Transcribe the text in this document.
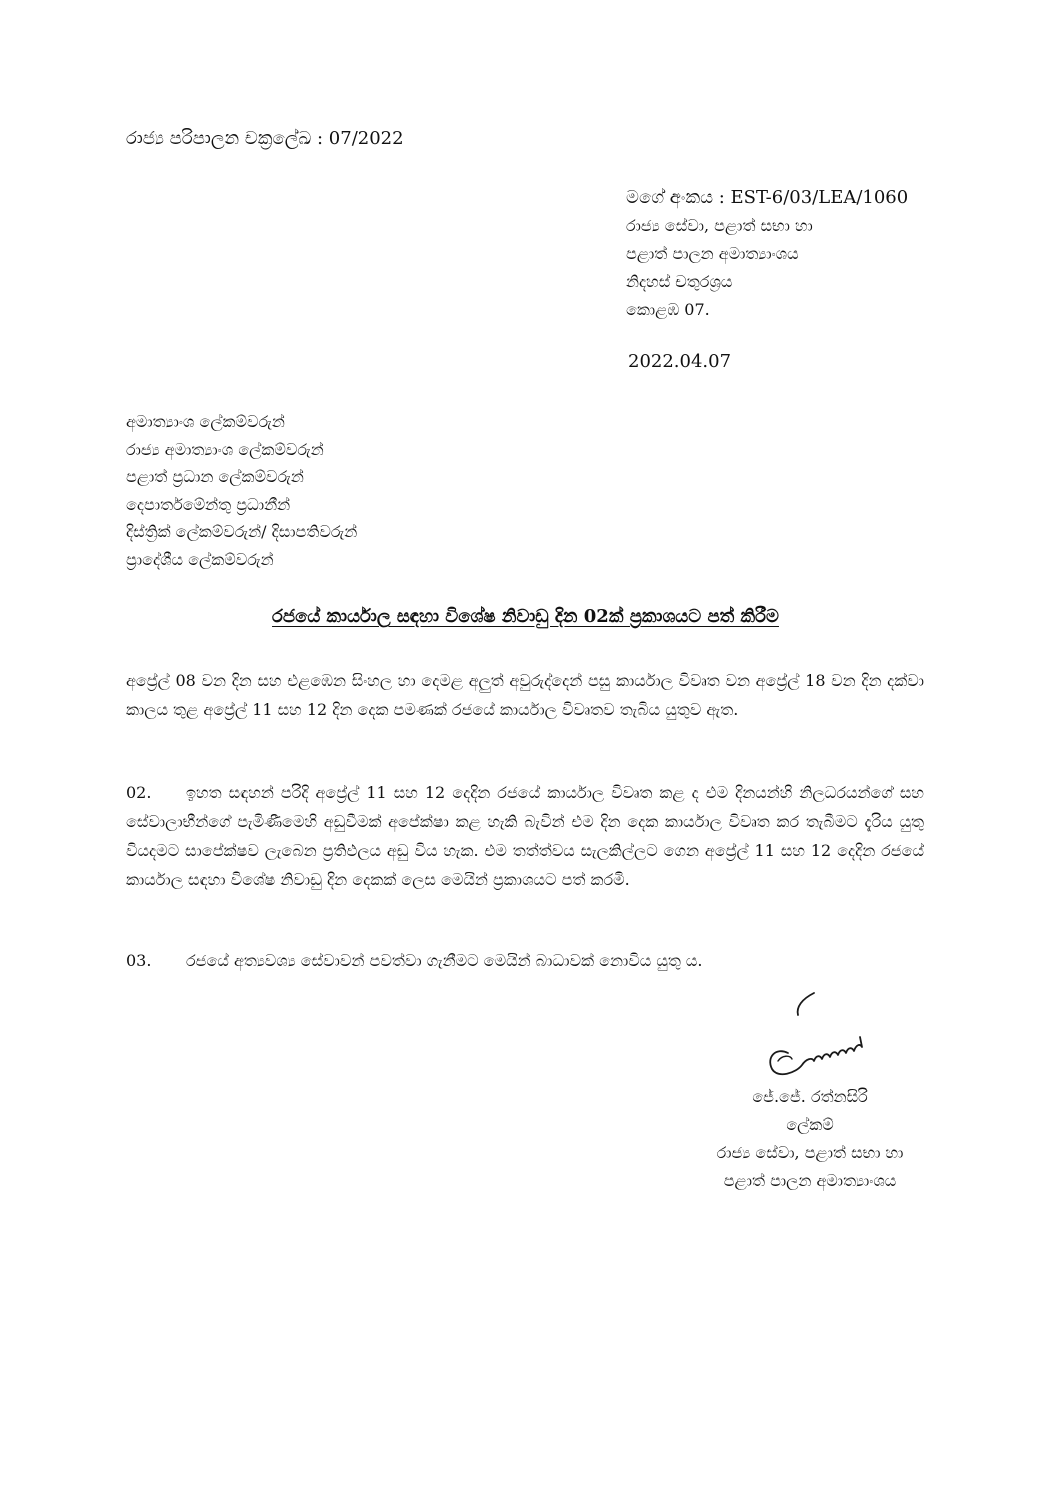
රාජ්‍ය පරිපාලන චක්‍රලේඛ : 07/2022
මගේ අංකය : EST-6/03/LEA/1060
රාජ්‍ය සේවා, පළාත් සභා හා
පළාත් පාලන අමාත්‍යාංශය
නිදහස් චතුරශ්‍රය
කොළඹ 07.
2022.04.07
අමාත්‍යාංශ ලේකම්වරුන්
රාජ්‍ය අමාත්‍යාංශ ලේකම්වරුන්
පළාත් ප්‍රධාන ලේකම්වරුන්
දෙපාර්තමේන්තු ප්‍රධානීන්
දිස්ත්‍රික් ලේකම්වරුන්/ දිසාපතිවරුන්
ප්‍රාදේශීය ලේකම්වරුන්
රජයේ කාර්යාල සඳහා විශේෂ නිවාඩු දින 02ක් ප්‍රකාශයට පත් කිරීම
අප්‍රේල් 08 වන දින සහ එළඹෙන සිංහල හා දෙමළ අලුත් අවුරුද්දෙන් පසු කාර්යාල විවෘත වන අප්‍රේල් 18 වන දින දක්වා කාලය තුළ අප්‍රේල් 11 සහ 12 දින දෙක පමණක් රජයේ කාර්යාල විවෘතව තැබිය යුතුව ඇත.
02. ඉහත සඳහන් පරිදි අප්‍රේල් 11 සහ 12 දෙදින රජයේ කාර්යාල විවෘත කළ ද එම දිනයන්හි නිලධරයන්ගේ සහ සේවාලාභීන්ගේ පැමිණීමෙහි අඩුවීමක් අපේක්ෂා කළ හැකි බැවින් එම දින දෙක කාර්යාල විවෘත කර තැබීමට දැරිය යුතු වියදමට සාපේක්ෂව ලැබෙන ප්‍රතිඵලය අඩු විය හැක. එම තත්ත්වය සැලකිල්ලට ගෙන අප්‍රේල් 11 සහ 12 දෙදින රජයේ කාර්යාල සඳහා විශේෂ නිවාඩු දින දෙකක් ලෙස මෙයින් ප්‍රකාශයට පත් කරමි.
03. රජයේ අත්‍යවශ්‍ය සේවාවන් පවත්වා ගැනීමට මෙයින් බාධාවක් නොවිය යුතු ය.
ජේ.ජේ. රත්නසිරි
ලේකම්
රාජ්‍ය සේවා, පළාත් සභා හා
පළාත් පාලන අමාත්‍යාංශය
